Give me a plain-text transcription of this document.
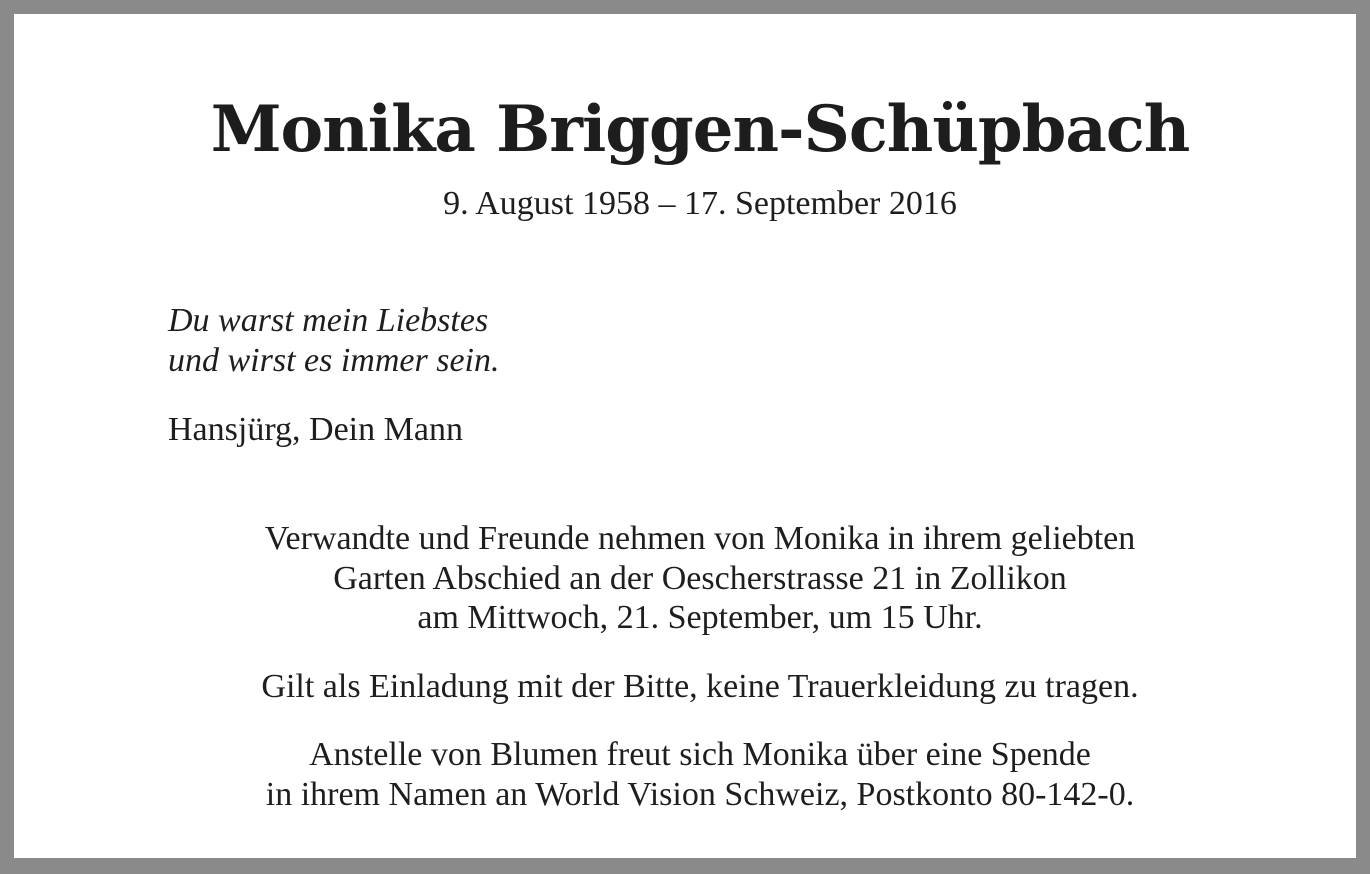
Monika Briggen-Schüpbach
9. August 1958 – 17. September 2016
Du warst mein Liebstes
und wirst es immer sein.
Hansjürg, Dein Mann
Verwandte und Freunde nehmen von Monika in ihrem geliebten
Garten Abschied an der Oescherstrasse 21 in Zollikon
am Mittwoch, 21. September, um 15 Uhr.
Gilt als Einladung mit der Bitte, keine Trauerkleidung zu tragen.
Anstelle von Blumen freut sich Monika über eine Spende
in ihrem Namen an World Vision Schweiz, Postkonto 80-142-0.
